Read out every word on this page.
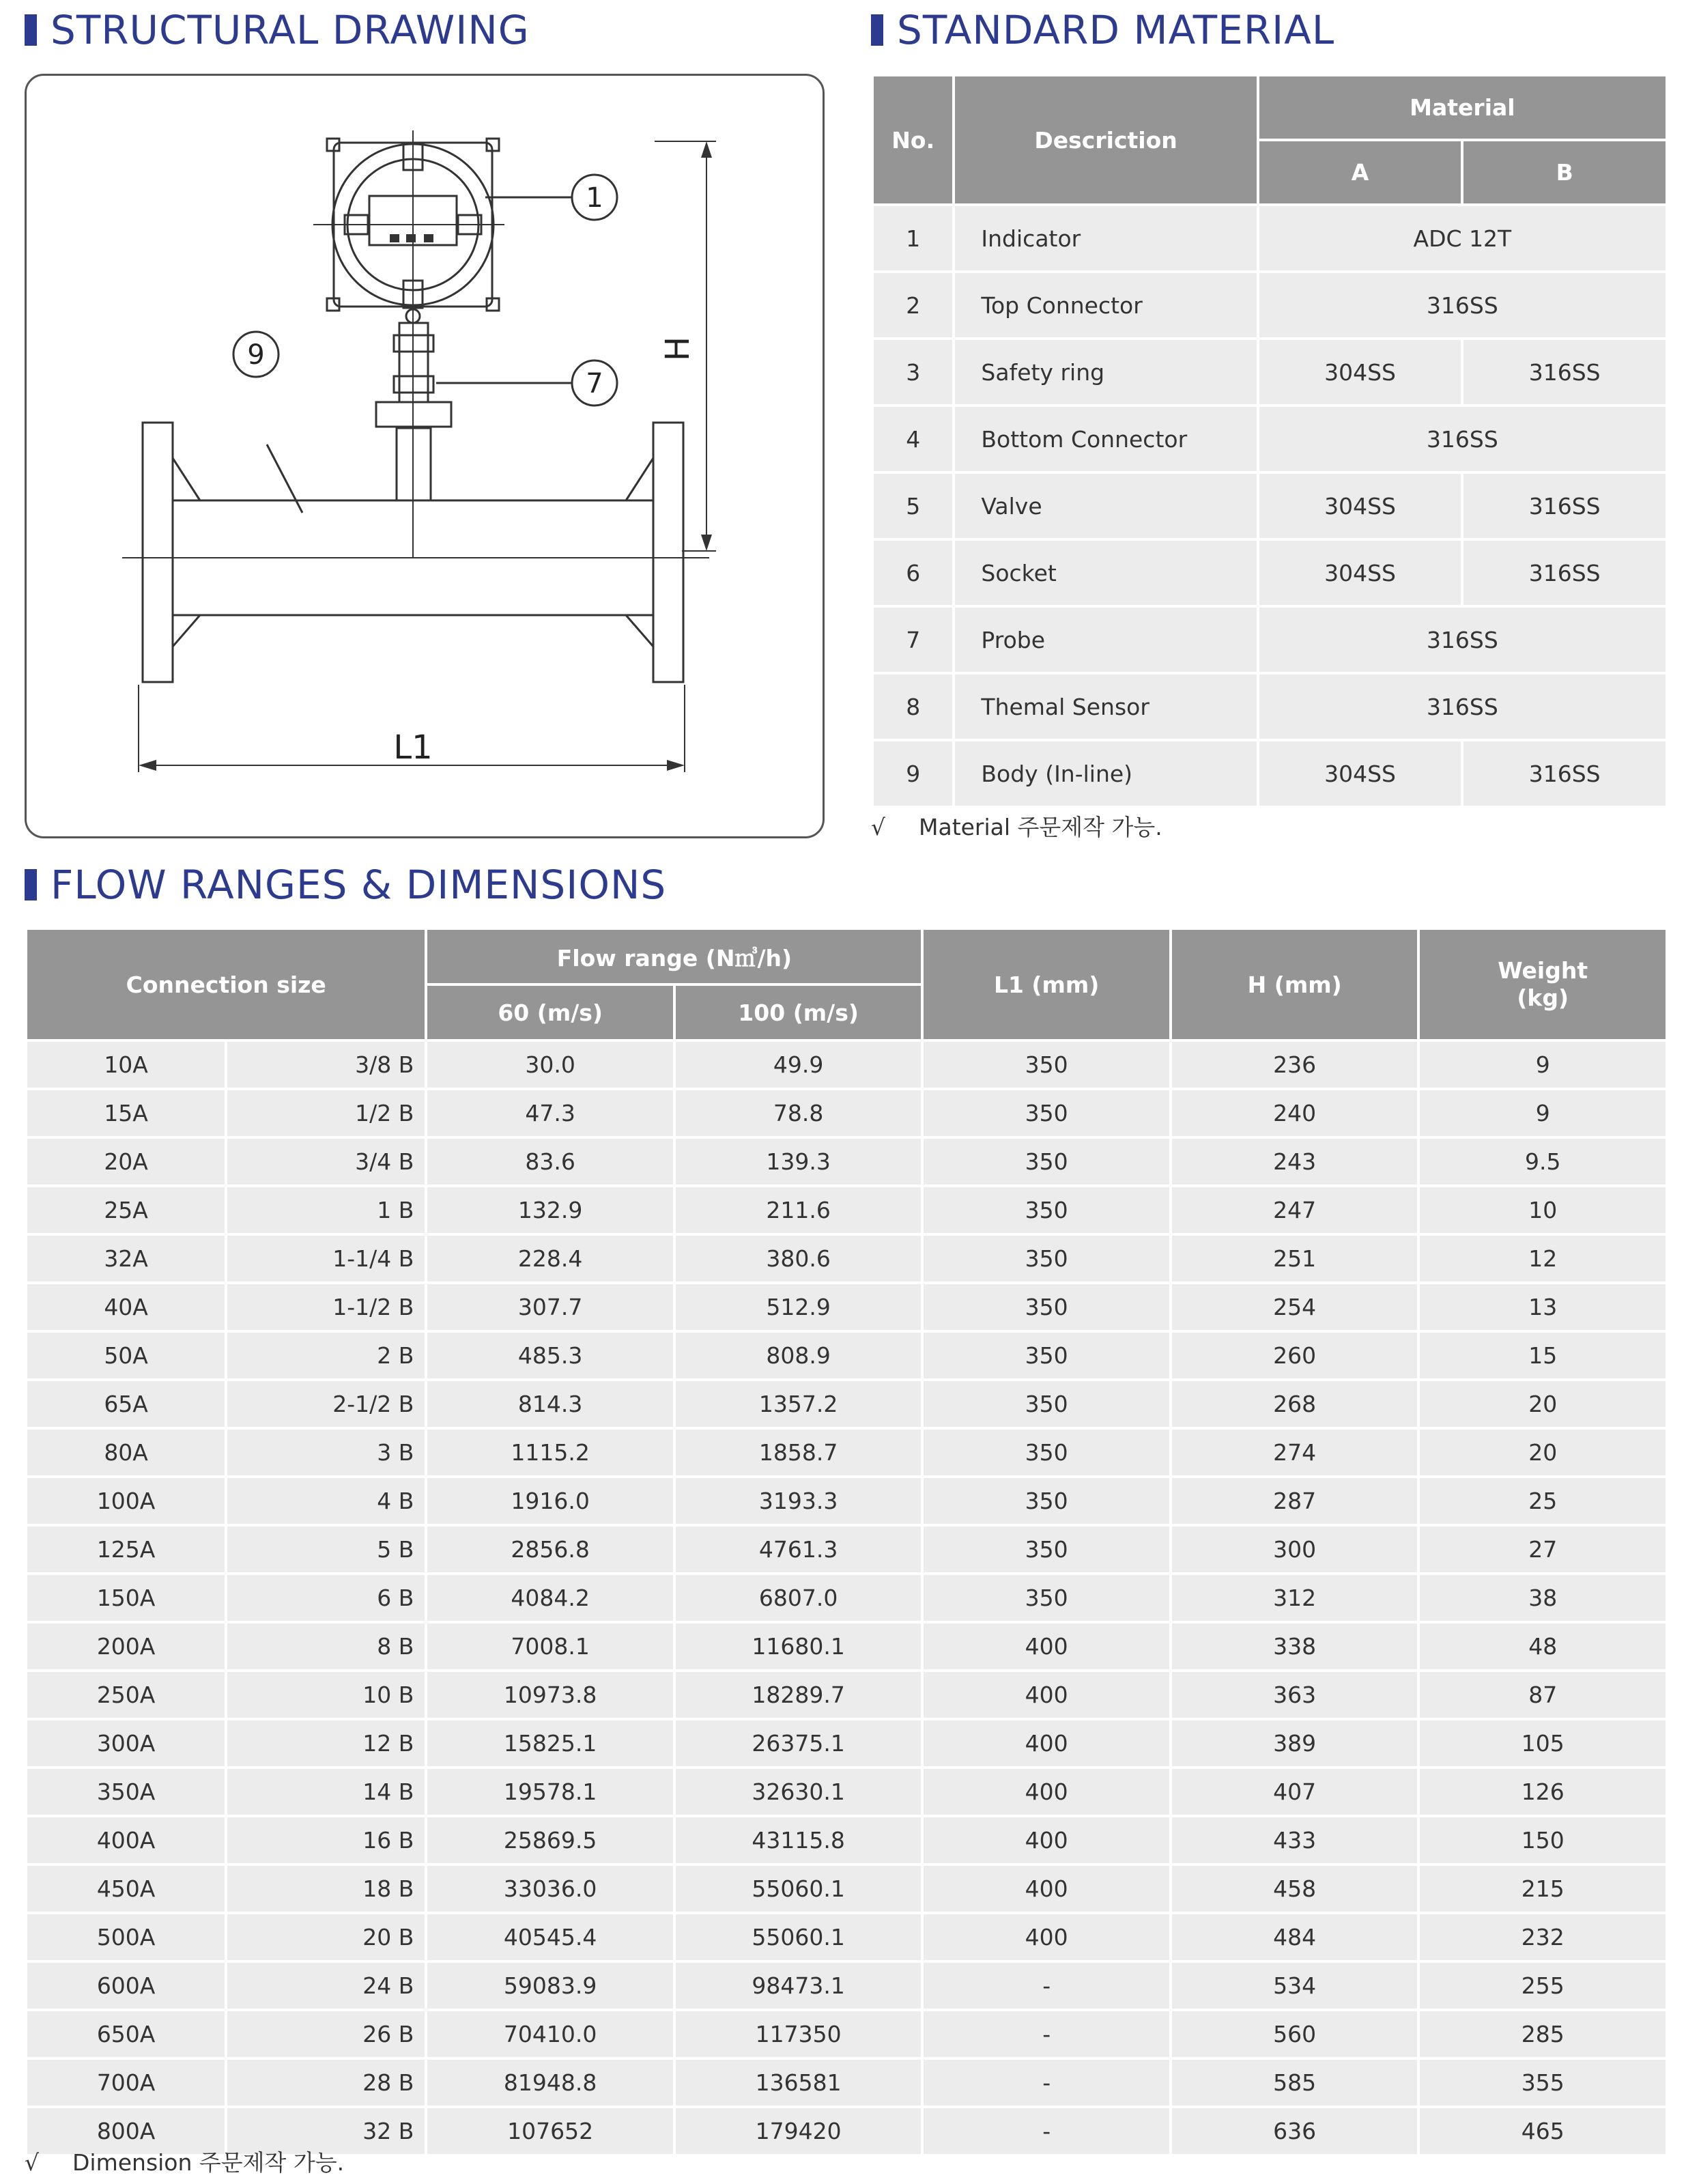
STRUCTURAL DRAWING	STANDARD MATERIAL
FLOW RANGES & DIMENSIONS
1
7
9	H
L1
No.	Descriction	Material	
		A	B
1	Indicator	ADC 12T	
2	Top Connector	316SS	
3	Safety ring	304SS	316SS
4	Bottom Connector	316SS	
5	Valve	304SS	316SS
6	Socket	304SS	316SS
7	Probe	316SS	
8	Themal Sensor	316SS	
9	Body (In-line)	304SS	316SS
√ Material 주문제작 가능.
Connection size		Flow range (N㎥/h)		L1 (mm)	H (mm)	Weight
(kg)
		60 (m/s)	100 (m/s)			
10A	3/8 B	30.0	49.9	350	236	9
15A	1/2 B	47.3	78.8	350	240	9
20A	3/4 B	83.6	139.3	350	243	9.5
25A	1 B	132.9	211.6	350	247	10
32A	1-1/4 B	228.4	380.6	350	251	12
40A	1-1/2 B	307.7	512.9	350	254	13
50A	2 B	485.3	808.9	350	260	15
65A	2-1/2 B	814.3	1357.2	350	268	20
80A	3 B	1115.2	1858.7	350	274	20
100A	4 B	1916.0	3193.3	350	287	25
125A	5 B	2856.8	4761.3	350	300	27
150A	6 B	4084.2	6807.0	350	312	38
200A	8 B	7008.1	11680.1	400	338	48
250A	10 B	10973.8	18289.7	400	363	87
300A	12 B	15825.1	26375.1	400	389	105
350A	14 B	19578.1	32630.1	400	407	126
400A	16 B	25869.5	43115.8	400	433	150
450A	18 B	33036.0	55060.1	400	458	215
500A	20 B	40545.4	55060.1	400	484	232
600A	24 B	59083.9	98473.1	-	534	255
650A	26 B	70410.0	117350	-	560	285
700A	28 B	81948.8	136581	-	585	355
800A	32 B	107652	179420	-	636	465
√ Dimension 주문제작 가능.
